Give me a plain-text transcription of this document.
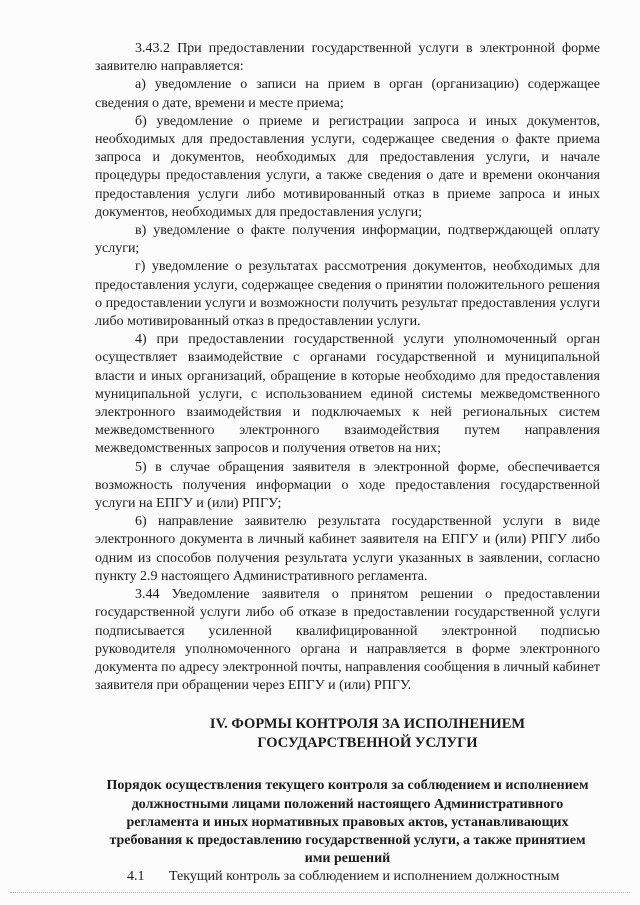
3.43.2 При предоставлении государственной услуги в электронной форме заявителю направляется:

а) уведомление о записи на прием в орган (организацию) содержащее сведения о дате, времени и месте приема;

б) уведомление о приеме и регистрации запроса и иных документов, необходимых для предоставления услуги, содержащее сведения о факте приема запроса и документов, необходимых для предоставления услуги, и начале процедуры предоставления услуги, а также сведения о дате и времени окончания предоставления услуги либо мотивированный отказ в приеме запроса и иных документов, необходимых для предоставления услуги;

в) уведомление о факте получения информации, подтверждающей оплату услуги;

г) уведомление о результатах рассмотрения документов, необходимых для предоставления услуги, содержащее сведения о принятии положительного решения о предоставлении услуги и возможности получить результат предоставления услуги либо мотивированный отказ в предоставлении услуги.

4) при предоставлении государственной услуги уполномоченный орган осуществляет взаимодействие с органами государственной и муниципальной власти и иных организаций, обращение в которые необходимо для предоставления муниципальной услуги, с использованием единой системы межведомственного электронного взаимодействия и подключаемых к ней региональных систем межведомственного электронного взаимодействия путем направления межведомственных запросов и получения ответов на них;

5) в случае обращения заявителя в электронной форме, обеспечивается возможность получения информации о ходе предоставления государственной услуги на ЕПГУ и (или) РПГУ;

6) направление заявителю результата государственной услуги в виде электронного документа в личный кабинет заявителя на ЕПГУ и (или) РПГУ либо одним из способов получения результата услуги указанных в заявлении, согласно пункту 2.9 настоящего Административного регламента.

3.44 Уведомление заявителя о принятом решении о предоставлении государственной услуги либо об отказе в предоставлении государственной услуги подписывается усиленной квалифицированной электронной подписью руководителя уполномоченного органа и направляется в форме электронного документа по адресу электронной почты, направления сообщения в личный кабинет заявителя при обращении через ЕПГУ и (или) РПГУ.

IV. ФОРМЫ КОНТРОЛЯ ЗА ИСПОЛНЕНИЕМ ГОСУДАРСТВЕННОЙ УСЛУГИ

Порядок осуществления текущего контроля за соблюдением и исполнением должностными лицами положений настоящего Административного регламента и иных нормативных правовых актов, устанавливающих требования к предоставлению государственной услуги, а также принятием ими решений

4.1 Текущий контроль за соблюдением и исполнением должностным
